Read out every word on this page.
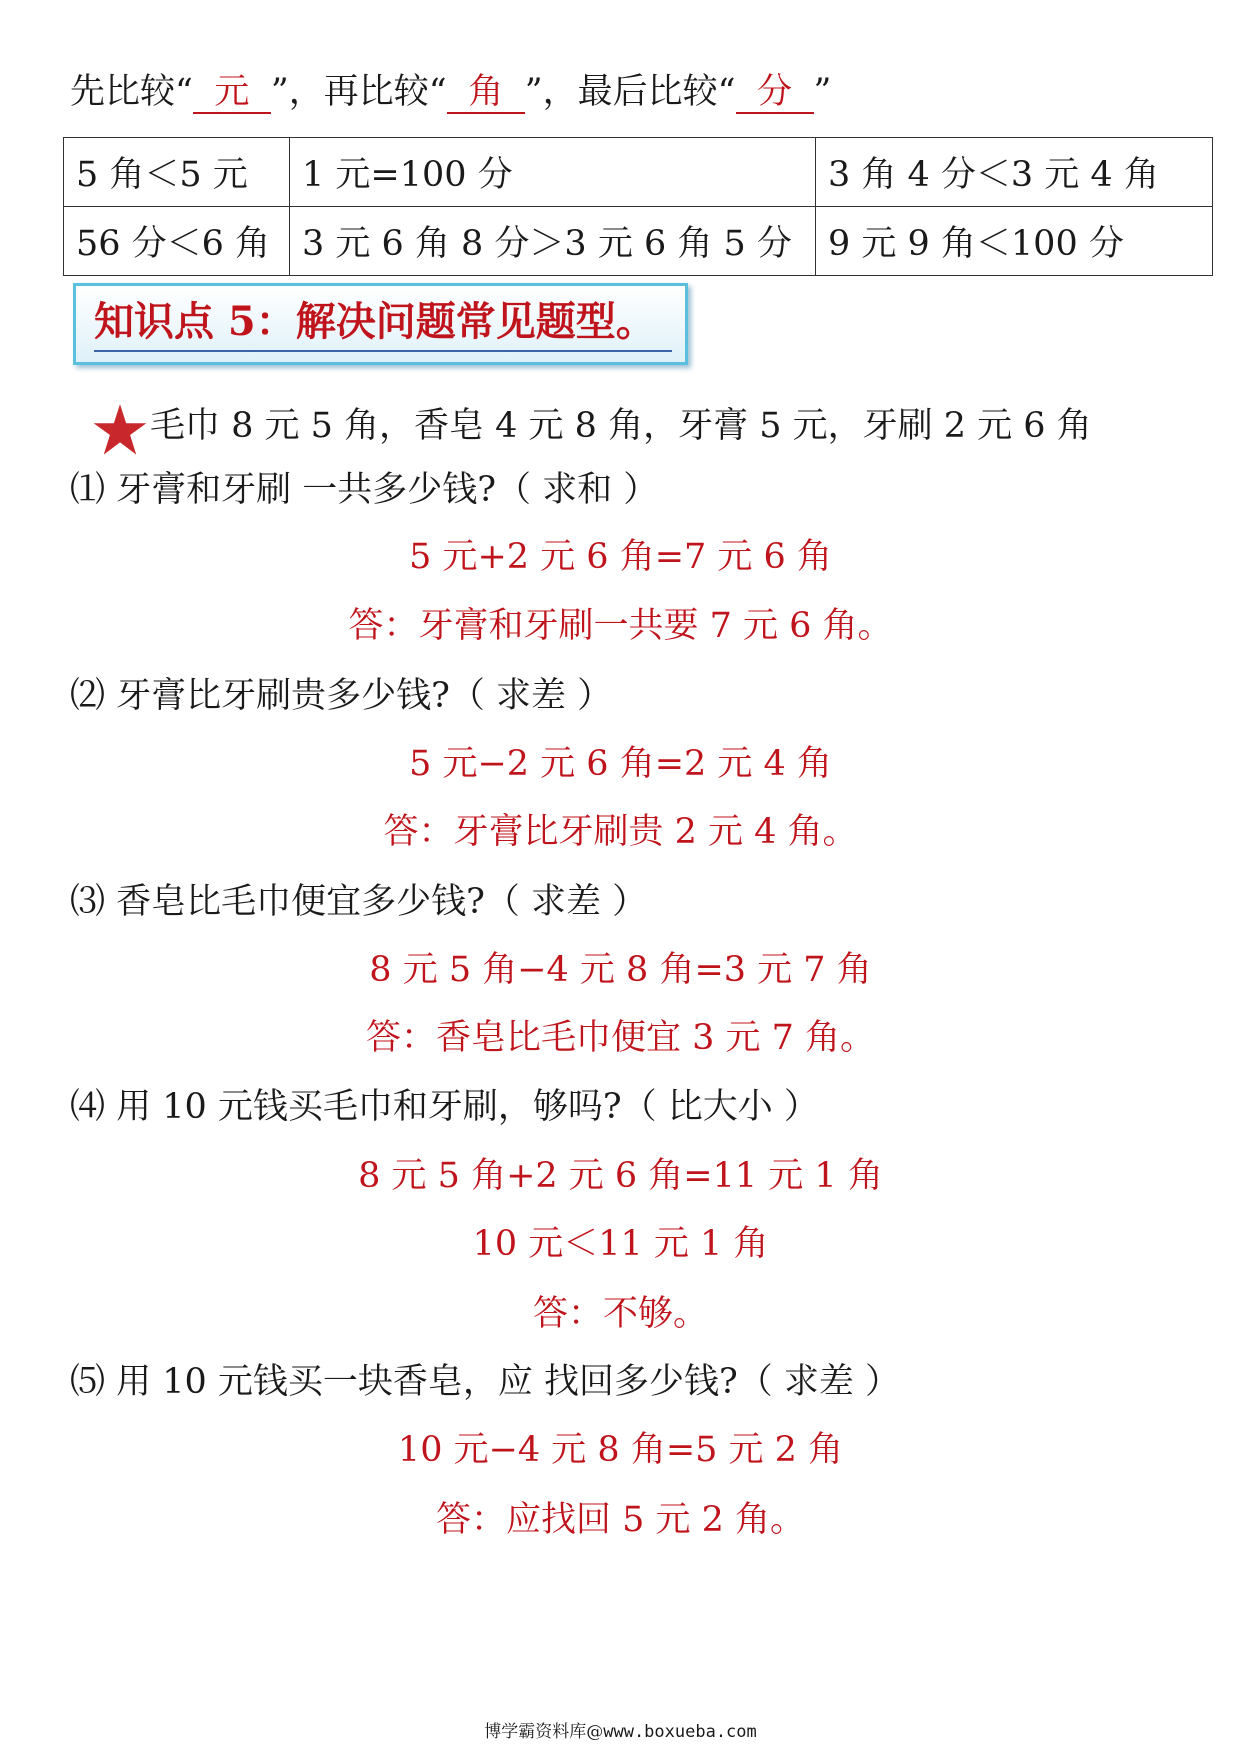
先比较“ 元 ”，再比较“ 角 ”，最后比较“ 分 ”
5 角＜5 元	1 元=100 分	3 角 4 分＜3 元 4 角
56 分＜6 角	3 元 6 角 8 分＞3 元 6 角 5 分	9 元 9 角＜100 分
知识点 5：解决问题常见题型。
毛巾 8 元 5 角，香皂 4 元 8 角，牙膏 5 元，牙刷 2 元 6 角
⑴ 牙膏和牙刷 一共多少钱?（ 求和 ）
5 元+2 元 6 角=7 元 6 角
答：牙膏和牙刷一共要 7 元 6 角。
⑵ 牙膏比牙刷贵多少钱?（ 求差 ）
5 元−2 元 6 角=2 元 4 角
答：牙膏比牙刷贵 2 元 4 角。
⑶ 香皂比毛巾便宜多少钱?（ 求差 ）
8 元 5 角−4 元 8 角=3 元 7 角
答：香皂比毛巾便宜 3 元 7 角。
⑷ 用 10 元钱买毛巾和牙刷，够吗?（ 比大小 ）
8 元 5 角+2 元 6 角=11 元 1 角
10 元＜11 元 1 角
答：不够。
⑸ 用 10 元钱买一块香皂，应 找回多少钱?（ 求差 ）
10 元−4 元 8 角=5 元 2 角
答：应找回 5 元 2 角。
博学霸资料库@www.boxueba.com
